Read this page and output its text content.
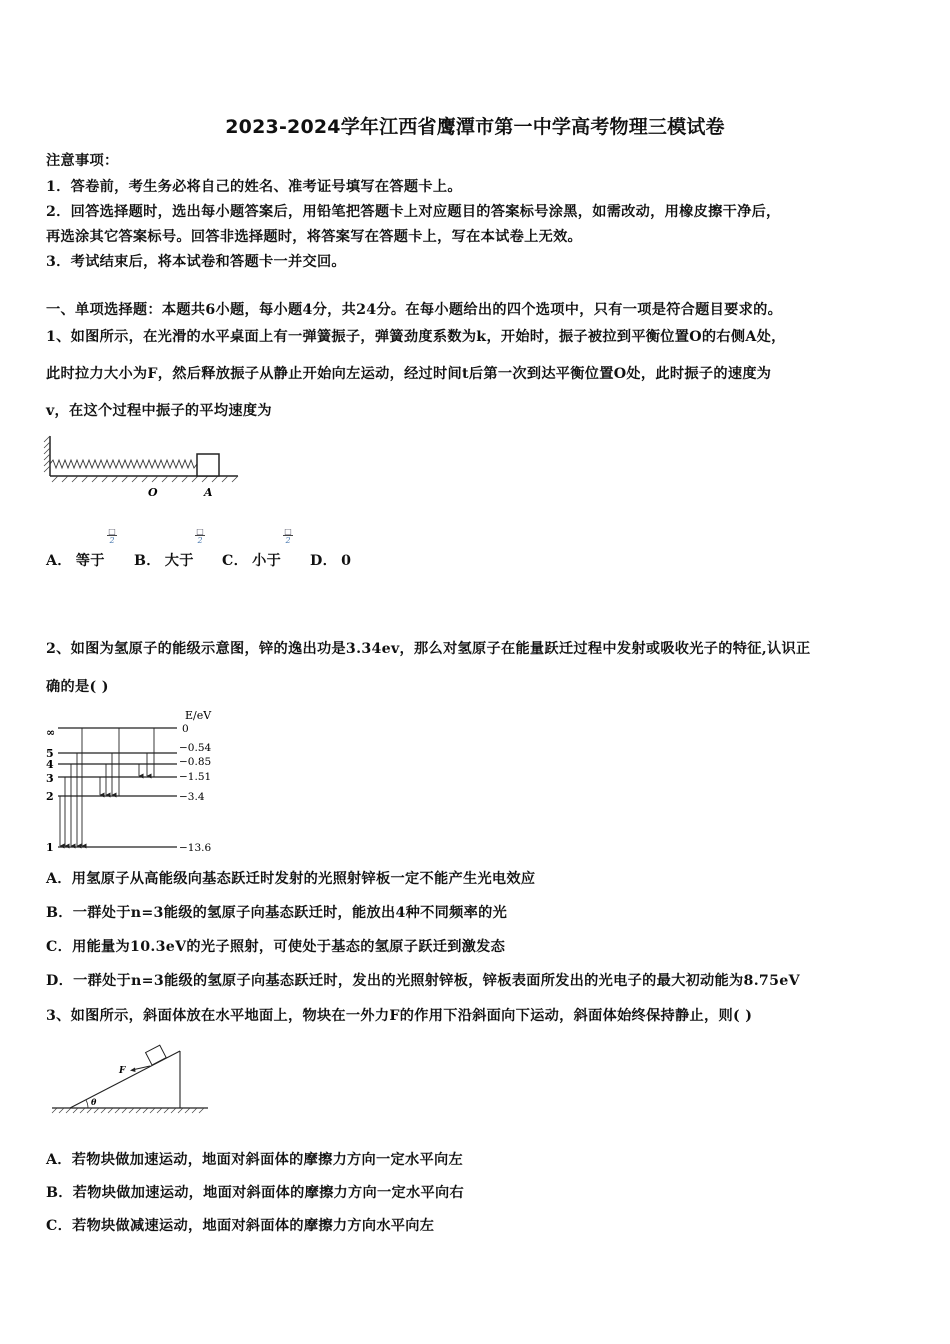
2023-2024学年江西省鹰潭市第一中学高考物理三模试卷
注意事项：
1．答卷前，考生务必将自己的姓名、准考证号填写在答题卡上。
2．回答选择题时，选出每小题答案后，用铅笔把答题卡上对应题目的答案标号涂黑，如需改动，用橡皮擦干净后，
再选涂其它答案标号。回答非选择题时，将答案写在答题卡上，写在本试卷上无效。
3．考试结束后，将本试卷和答题卡一并交回。
一、单项选择题：本题共6小题，每小题4分，共24分。在每小题给出的四个选项中，只有一项是符合题目要求的。
1、如图所示，在光滑的水平桌面上有一弹簧振子，弹簧劲度系数为k，开始时，振子被拉到平衡位置O的右侧A处，
此时拉力大小为F，然后释放振子从静止开始向左运动，经过时间t后第一次到达平衡位置O处，此时振子的速度为
v，在这个过程中振子的平均速度为
O	A
A． 等于
□
2
B． 大于
□
2
C． 小于
□
2
D． 0
2、如图为氢原子的能级示意图，锌的逸出功是3.34ev，那么对氢原子在能量跃迁过程中发射或吸收光子的特征,认识正
确的是( )
E/eV
∞
5
4
3
2
1
0
−0.54
−0.85
−1.51
−3.4
−13.6
A．用氢原子从高能级向基态跃迁时发射的光照射锌板一定不能产生光电效应
B．一群处于n=3能级的氢原子向基态跃迁时，能放出4种不同频率的光
C．用能量为10.3eV的光子照射，可使处于基态的氢原子跃迁到激发态
D．一群处于n=3能级的氢原子向基态跃迁时，发出的光照射锌板，锌板表面所发出的光电子的最大初动能为8.75eV
3、如图所示，斜面体放在水平地面上，物块在一外力F的作用下沿斜面向下运动，斜面体始终保持静止，则( )
F
θ
A．若物块做加速运动，地面对斜面体的摩擦力方向一定水平向左
B．若物块做加速运动，地面对斜面体的摩擦力方向一定水平向右
C．若物块做减速运动，地面对斜面体的摩擦力方向水平向左
